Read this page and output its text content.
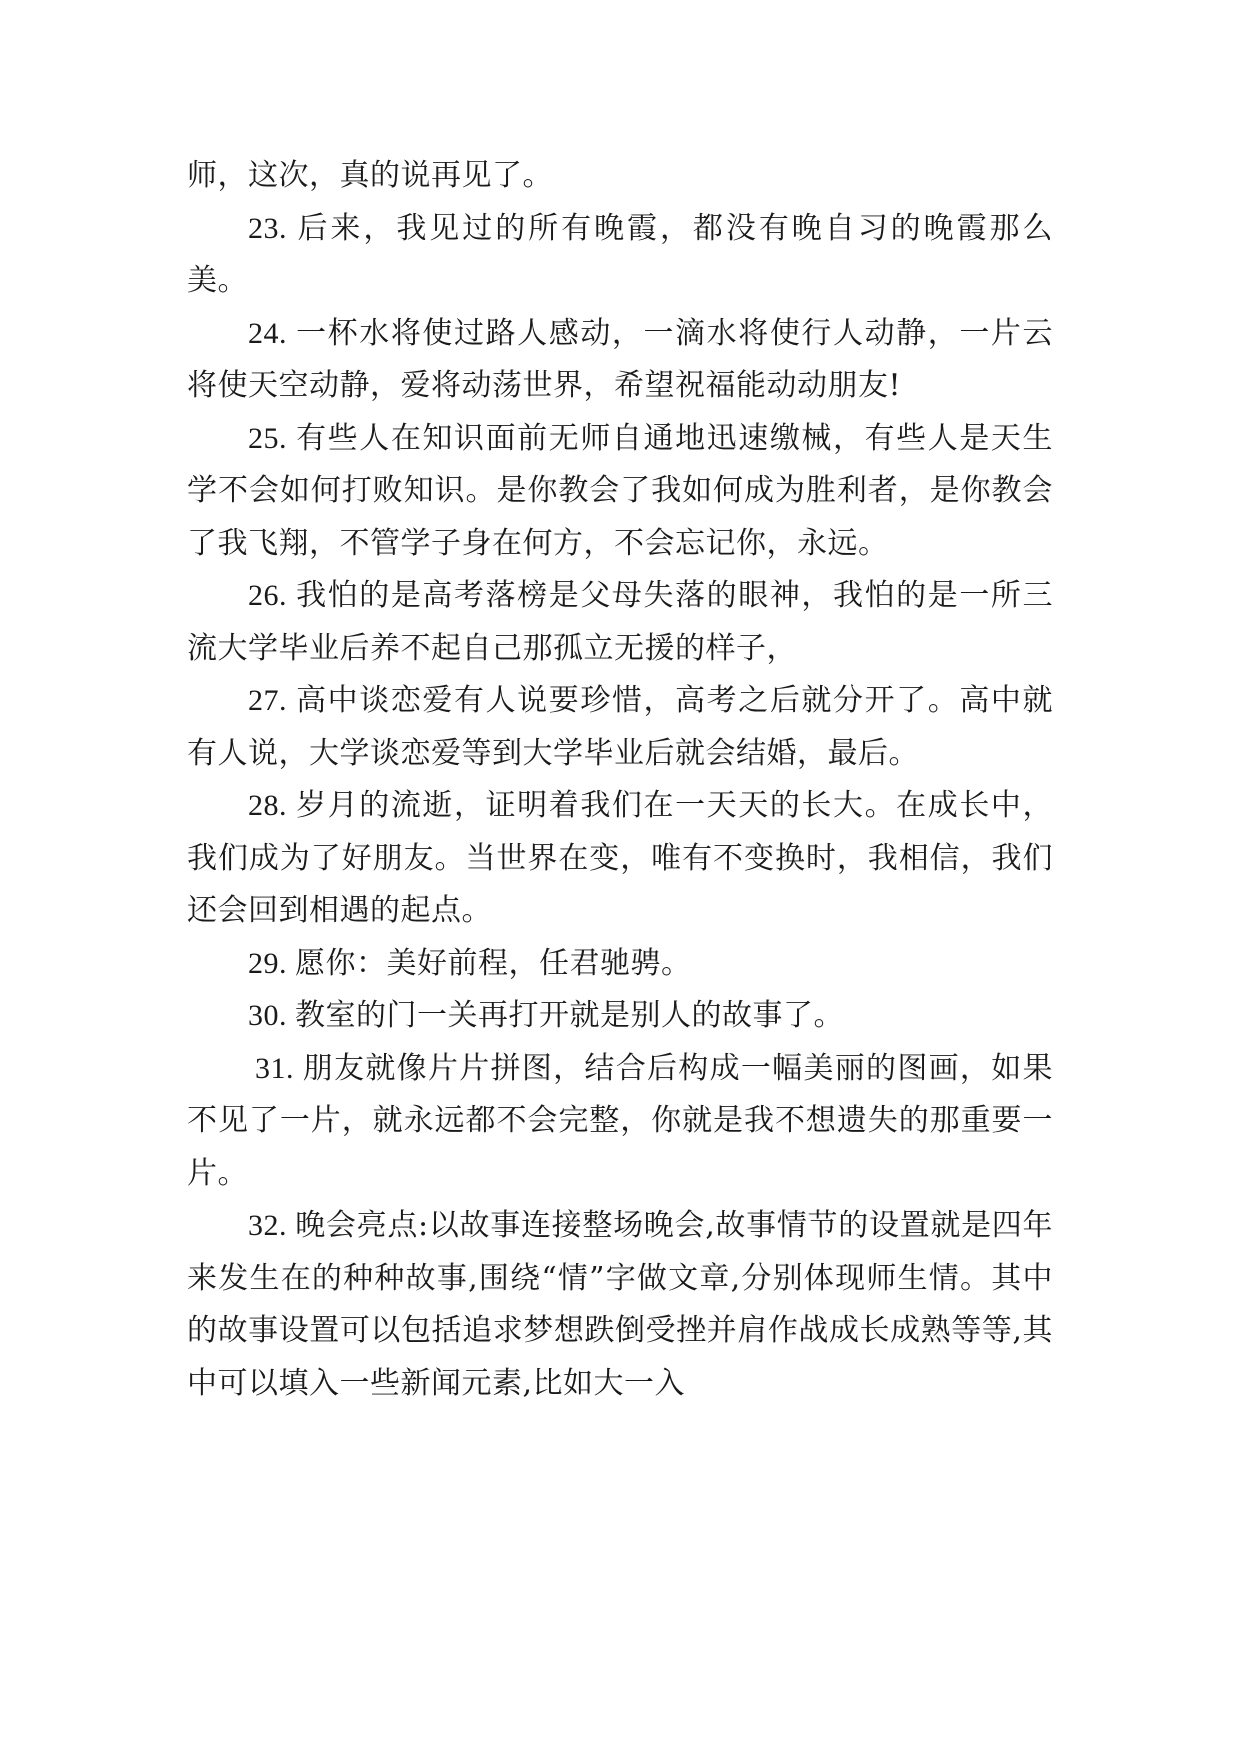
师，这次，真的说再见了。

23. 后来，我见过的所有晚霞，都没有晚自习的晚霞那么美。

24. 一杯水将使过路人感动，一滴水将使行人动静，一片云将使天空动静，爱将动荡世界，希望祝福能动动朋友!

25. 有些人在知识面前无师自通地迅速缴械，有些人是天生学不会如何打败知识。是你教会了我如何成为胜利者，是你教会了我飞翔，不管学子身在何方，不会忘记你，永远。

26. 我怕的是高考落榜是父母失落的眼神，我怕的是一所三流大学毕业后养不起自己那孤立无援的样子，

27. 高中谈恋爱有人说要珍惜，高考之后就分开了。高中就有人说，大学谈恋爱等到大学毕业后就会结婚，最后。

28. 岁月的流逝，证明着我们在一天天的长大。在成长中，我们成为了好朋友。当世界在变，唯有不变换时，我相信，我们还会回到相遇的起点。

29. 愿你：美好前程，任君驰骋。

30. 教室的门一关再打开就是别人的故事了。

31. 朋友就像片片拼图，结合后构成一幅美丽的图画，如果不见了一片，就永远都不会完整，你就是我不想遗失的那重要一片。

32. 晚会亮点:以故事连接整场晚会,故事情节的设置就是四年来发生在的种种故事,围绕“情”字做文章,分别体现师生情。其中的故事设置可以包括追求梦想跌倒受挫并肩作战成长成熟等等,其中可以填入一些新闻元素,比如大一入
